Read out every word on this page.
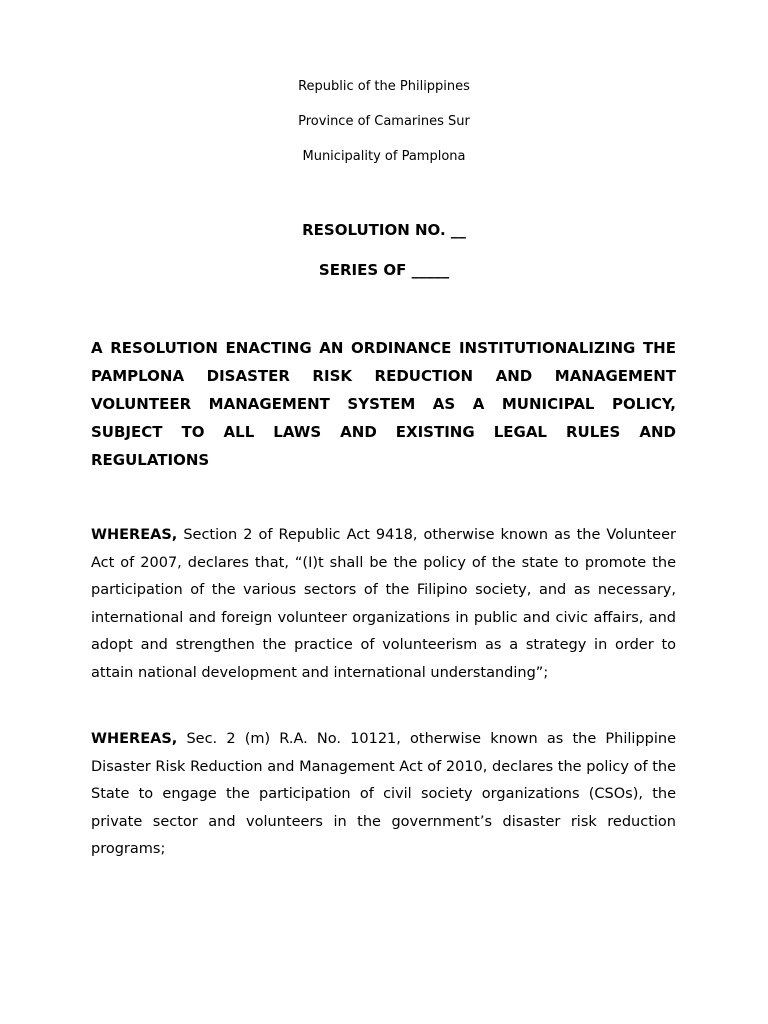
Republic of the Philippines

Province of Camarines Sur

Municipality of Pamplona

RESOLUTION NO. __

SERIES OF _____

A RESOLUTION ENACTING AN ORDINANCE INSTITUTIONALIZING THE PAMPLONA DISASTER RISK REDUCTION AND MANAGEMENT VOLUNTEER MANAGEMENT SYSTEM AS A MUNICIPAL POLICY, SUBJECT TO ALL LAWS AND EXISTING LEGAL RULES AND REGULATIONS

WHEREAS, Section 2 of Republic Act 9418, otherwise known as the Volunteer Act of 2007, declares that, “(I)t shall be the policy of the state to promote the participation of the various sectors of the Filipino society, and as necessary, international and foreign volunteer organizations in public and civic affairs, and adopt and strengthen the practice of volunteerism as a strategy in order to attain national development and international understanding”;

WHEREAS, Sec. 2 (m) R.A. No. 10121, otherwise known as the Philippine Disaster Risk Reduction and Management Act of 2010, declares the policy of the State to engage the participation of civil society organizations (CSOs), the private sector and volunteers in the government’s disaster risk reduction programs;
